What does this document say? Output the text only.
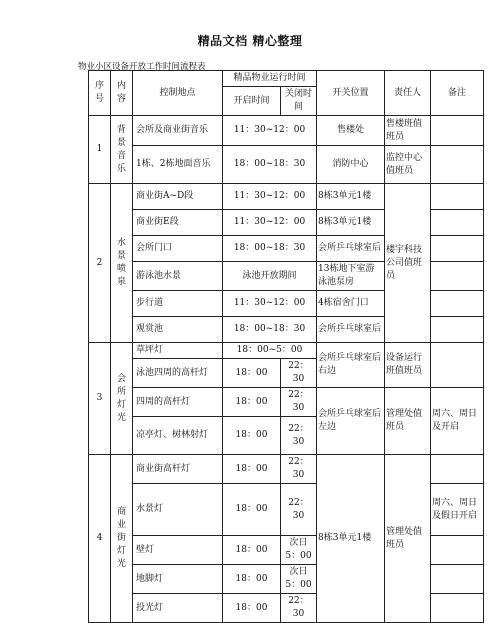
精品文档 精心整理
物业小区设备开放工作时间流程表
序号	内容	控制地点	精品物业运行时间		开关位置	责任人	备注
			开启时间	关闭时间			
1	背景音乐	会所及商业街音乐	11：30~12：00		售楼处	售楼班值班员	
		1栋、2栋地面音乐	18：00~18：30		消防中心	监控中心值班员	
2	水景喷泉	商业街A~D段	11：30~12：00		8栋3单元1楼	楼宇科技公司值班员	
		商业街E段	11：30~12：00		8栋3单元1楼		
		会所门口	18：00~18：30		会所乒乓球室后		
		游泳池水景	泳池开放期间		13栋地下室游泳池泵房		
		步行道	11：30~12：00		4栋宿舍门口		
		观赏池	18：00~18：30		会所乒乓球室后		
3	会所灯光	草坪灯	18：00~5：00		会所乒乓球室后右边	设备运行班值班员	
		泳池四周的高杆灯	18：00	22：30			
		四周的高杆灯	18：00	22：30	会所乒乓球室后左边	管理处值班员	周六、周日及开启
		凉亭灯、树林射灯	18：00	22：30			
4	商业街灯光	商业街高杆灯	18：00	22：30	8栋3单元1楼	管理处值班员	
		水景灯	18：00	22：30			周六、周日及假日开启
		壁灯	18：00	次日5：00			
		地脚灯	18：00	次日5：00			
		投光灯	18：00	22：30			
